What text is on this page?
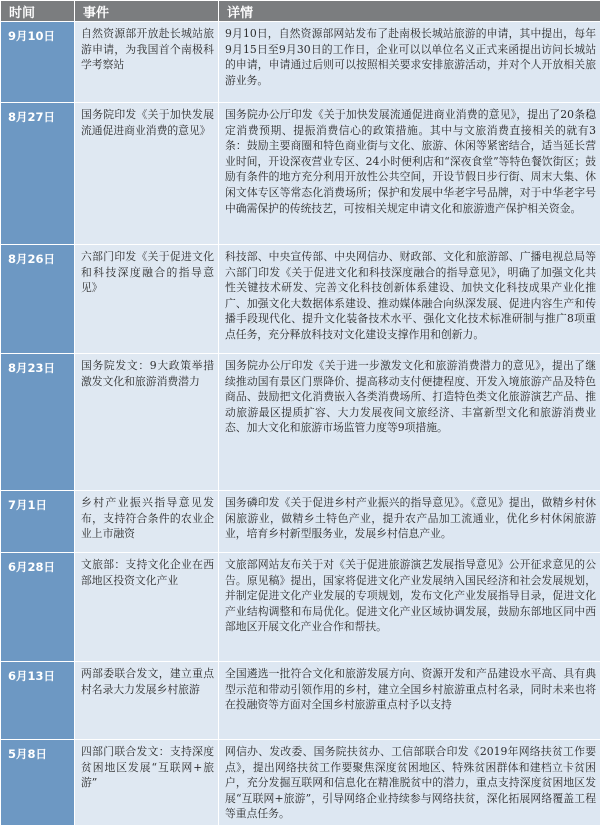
时间	事件	详情
9月10日	自然资源部开放赴长城站旅游申请，为我国首个南极科学考察站	9月10日，自然资源部网站发布了赴南极长城站旅游的申请，其中提出，每年9月15日至9月30日的工作日，企业可以以单位名义正式来函提出访问长城站的申请，申请通过后则可以按照相关要求安排旅游活动，并对个人开放相关旅游业务。
8月27日	国务院印发《关于加快发展流通促进商业消费的意见》	国务院办公厅印发《关于加快发展流通促进商业消费的意见》，提出了20条稳定消费预期、提振消费信心的政策措施。其中与文旅消费直接相关的就有3条：鼓励主要商圈和特色商业街与文化、旅游、休闲等紧密结合，适当延长营业时间，开设深夜营业专区、24小时便利店和“深夜食堂”等特色餐饮街区；鼓励有条件的地方充分利用开放性公共空间，开设节假日步行街、周末大集、休闲文体专区等常态化消费场所；保护和发展中华老字号品牌，对于中华老字号中确需保护的传统技艺，可按相关规定申请文化和旅游遗产保护相关资金。
8月26日	六部门印发《关于促进文化和科技深度融合的指导意见》	科技部、中央宣传部、中央网信办、财政部、文化和旅游部、广播电视总局等六部门印发《关于促进文化和科技深度融合的指导意见》，明确了加强文化共性关键技术研发、完善文化科技创新体系建设、加快文化科技成果产业化推广、加强文化大数据体系建设、推动媒体融合向纵深发展、促进内容生产和传播手段现代化、提升文化装备技术水平、强化文化技术标准研制与推广8项重点任务，充分释放科技对文化建设支撑作用和创新力。
8月23日	国务院发文：9大政策举措激发文化和旅游消费潜力	国务院办公厅印发《关于进一步激发文化和旅游消费潜力的意见》，提出了继续推动国有景区门票降价、提高移动支付便捷程度、开发入境旅游产品及特色商品、鼓励把文化消费嵌入各类消费场所、打造特色类文化旅游演艺产品、推动旅游最区提质扩容、大力发展夜间文旅经济、丰富新型文化和旅游消费业态、加大文化和旅游市场监管力度等9项措施。
7月1日	乡村产业振兴指导意见发布，支持符合条件的农业企业上市融资	国务磷印发《关于促进乡村产业振兴的指导意见》。《意见》提出，做精乡村休闲旅游业，做精乡土特色产业，提升农产品加工流通业，优化乡村休闲旅游业，培育乡村新型服务业，发展乡村信息产业。
6月28日	文旅部：支持文化企业在西部地区投资文化产业	文旅部网站友布关于对《关于促进旅游演艺发展指导意见》公开征求意见的公告。原见稿》提出，国家将促进文化产业发展纳入国民经济和社会发展规划，并制定促进文化产业发展的专项规划，发布文化产业发展指导目录，促进文化产业结构调整和布局优化。促进文化产业区域协调发展，鼓励东部地区同中西部地区开展文化产业合作和帮扶。
6月13日	两部委联合发文，建立重点村名录大力发展乡村旅游	全国遴选一批符合文化和旅游发展方向、资源开发和产品建设水平高、具有典型示范和带动引领作用的乡村，建立全国乡村旅游重点村名录，同时未来也将在投融资等方面对全国乡村旅游重点村予以支持
5月8日	四部门联合发文：支持深度贫困地区发展“互联网+旅游”	网信办、发改委、国务院扶贫办、工信部联合印发《2019年网络扶贫工作要点》，提出网络扶贫工作要聚焦深度贫困地区、特殊贫困群体和建档立卡贫困户，充分发掘互联网和信息化在精准脱贫中的潜力，重点支持深度贫困地区发展“互联网+旅游”，引导网络企业持续参与网络扶贫，深化拓展网络覆盖工程等重点任务。
